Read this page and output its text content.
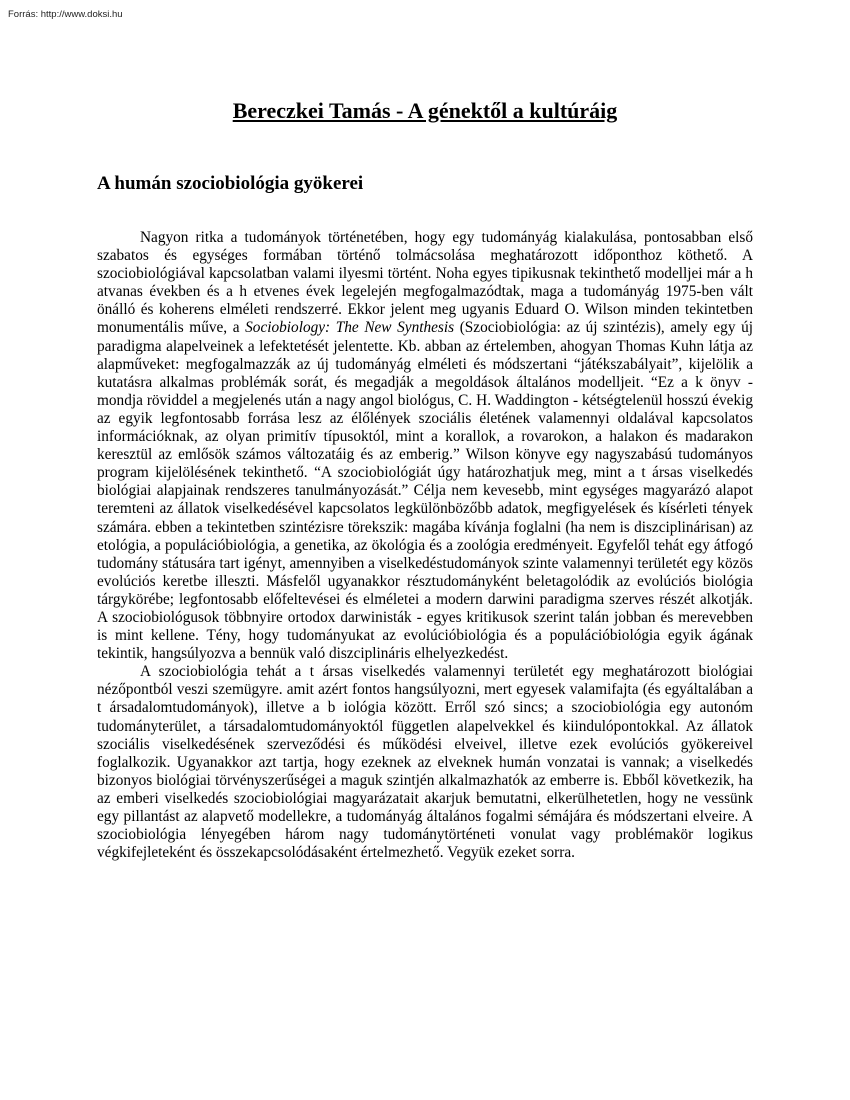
Forrás: http://www.doksi.hu
Bereczkei Tamás - A génektől a kultúráig
A humán szociobiológia gyökerei

Nagyon ritka a tudományok történetében, hogy egy tudományág kialakulása, pontosabban első szabatos és egységes formában történő tolmácsolása meghatározott időponthoz köthető. A szociobiológiával kapcsolatban valami ilyesmi történt. Noha egyes tipikusnak tekinthető modelljei már a h atvanas években és a h etvenes évek legelején megfogalmazódtak, maga a tudományág 1975-ben vált önálló és koherens elméleti rendszerré. Ekkor jelent meg ugyanis Eduard O. Wilson minden tekintetben monumentális műve, a Sociobiology: The New Synthesis (Szociobiológia: az új szintézis), amely egy új paradigma alapelveinek a lefektetését jelentette. Kb. abban az értelemben, ahogyan Thomas Kuhn látja az alapműveket: megfogalmazzák az új tudományág elméleti és módszertani “játékszabályait”, kijelölik a kutatásra alkalmas problémák sorát, és megadják a megoldások általános modelljeit. “Ez a k önyv - mondja röviddel a megjelenés után a nagy angol biológus, C. H. Waddington - kétségtelenül hosszú évekig az egyik legfontosabb forrása lesz az élőlények szociális életének valamennyi oldalával kapcsolatos információknak, az olyan primitív típusoktól, mint a korallok, a rovarokon, a halakon és madarakon keresztül az emlősök számos változatáig és az emberig.” Wilson könyve egy nagyszabású tudományos program kijelölésének tekinthető. “A szociobiológiát úgy határozhatjuk meg, mint a t ársas viselkedés biológiai alapjainak rendszeres tanulmányozását.” Célja nem kevesebb, mint egységes magyarázó alapot teremteni az állatok viselkedésével kapcsolatos legkülönbözőbb adatok, megfigyelések és kísérleti tények számára. ebben a tekintetben szintézisre törekszik: magába kívánja foglalni (ha nem is diszciplinárisan) az etológia, a populációbiológia, a genetika, az ökológia és a zoológia eredményeit. Egyfelől tehát egy átfogó tudomány státusára tart igényt, amennyiben a viselkedéstudományok szinte valamennyi területét egy közös evolúciós keretbe illeszti. Másfelől ugyanakkor résztudományként beletagolódik az evolúciós biológia tárgykörébe; legfontosabb előfeltevései és elméletei a modern darwini paradigma szerves részét alkotják. A szociobiológusok többnyire ortodox darwinisták - egyes kritikusok szerint talán jobban és merevebben is mint kellene. Tény, hogy tudományukat az evolúcióbiológia és a populációbiológia egyik ágának tekintik, hangsúlyozva a bennük való diszciplináris elhelyezkedést.

A szociobiológia tehát a t ársas viselkedés valamennyi területét egy meghatározott biológiai nézőpontból veszi szemügyre. amit azért fontos hangsúlyozni, mert egyesek valamifajta (és egyáltalában a t ársadalomtudományok), illetve a b iológia között. Erről szó sincs; a szociobiológia egy autonóm tudományterület, a társadalomtudományoktól független alapelvekkel és kiindulópontokkal. Az állatok szociális viselkedésének szerveződési és működési elveivel, illetve ezek evolúciós gyökereivel foglalkozik. Ugyanakkor azt tartja, hogy ezeknek az elveknek humán vonzatai is vannak; a viselkedés bizonyos biológiai törvényszerűségei a maguk szintjén alkalmazhatók az emberre is. Ebből következik, ha az emberi viselkedés szociobiológiai magyarázatait akarjuk bemutatni, elkerülhetetlen, hogy ne vessünk egy pillantást az alapvető modellekre, a tudományág általános fogalmi sémájára és módszertani elveire. A szociobiológia lényegében három nagy tudománytörténeti vonulat vagy problémakör logikus végkifejleteként és összekapcsolódásaként értelmezhető. Vegyük ezeket sorra.
